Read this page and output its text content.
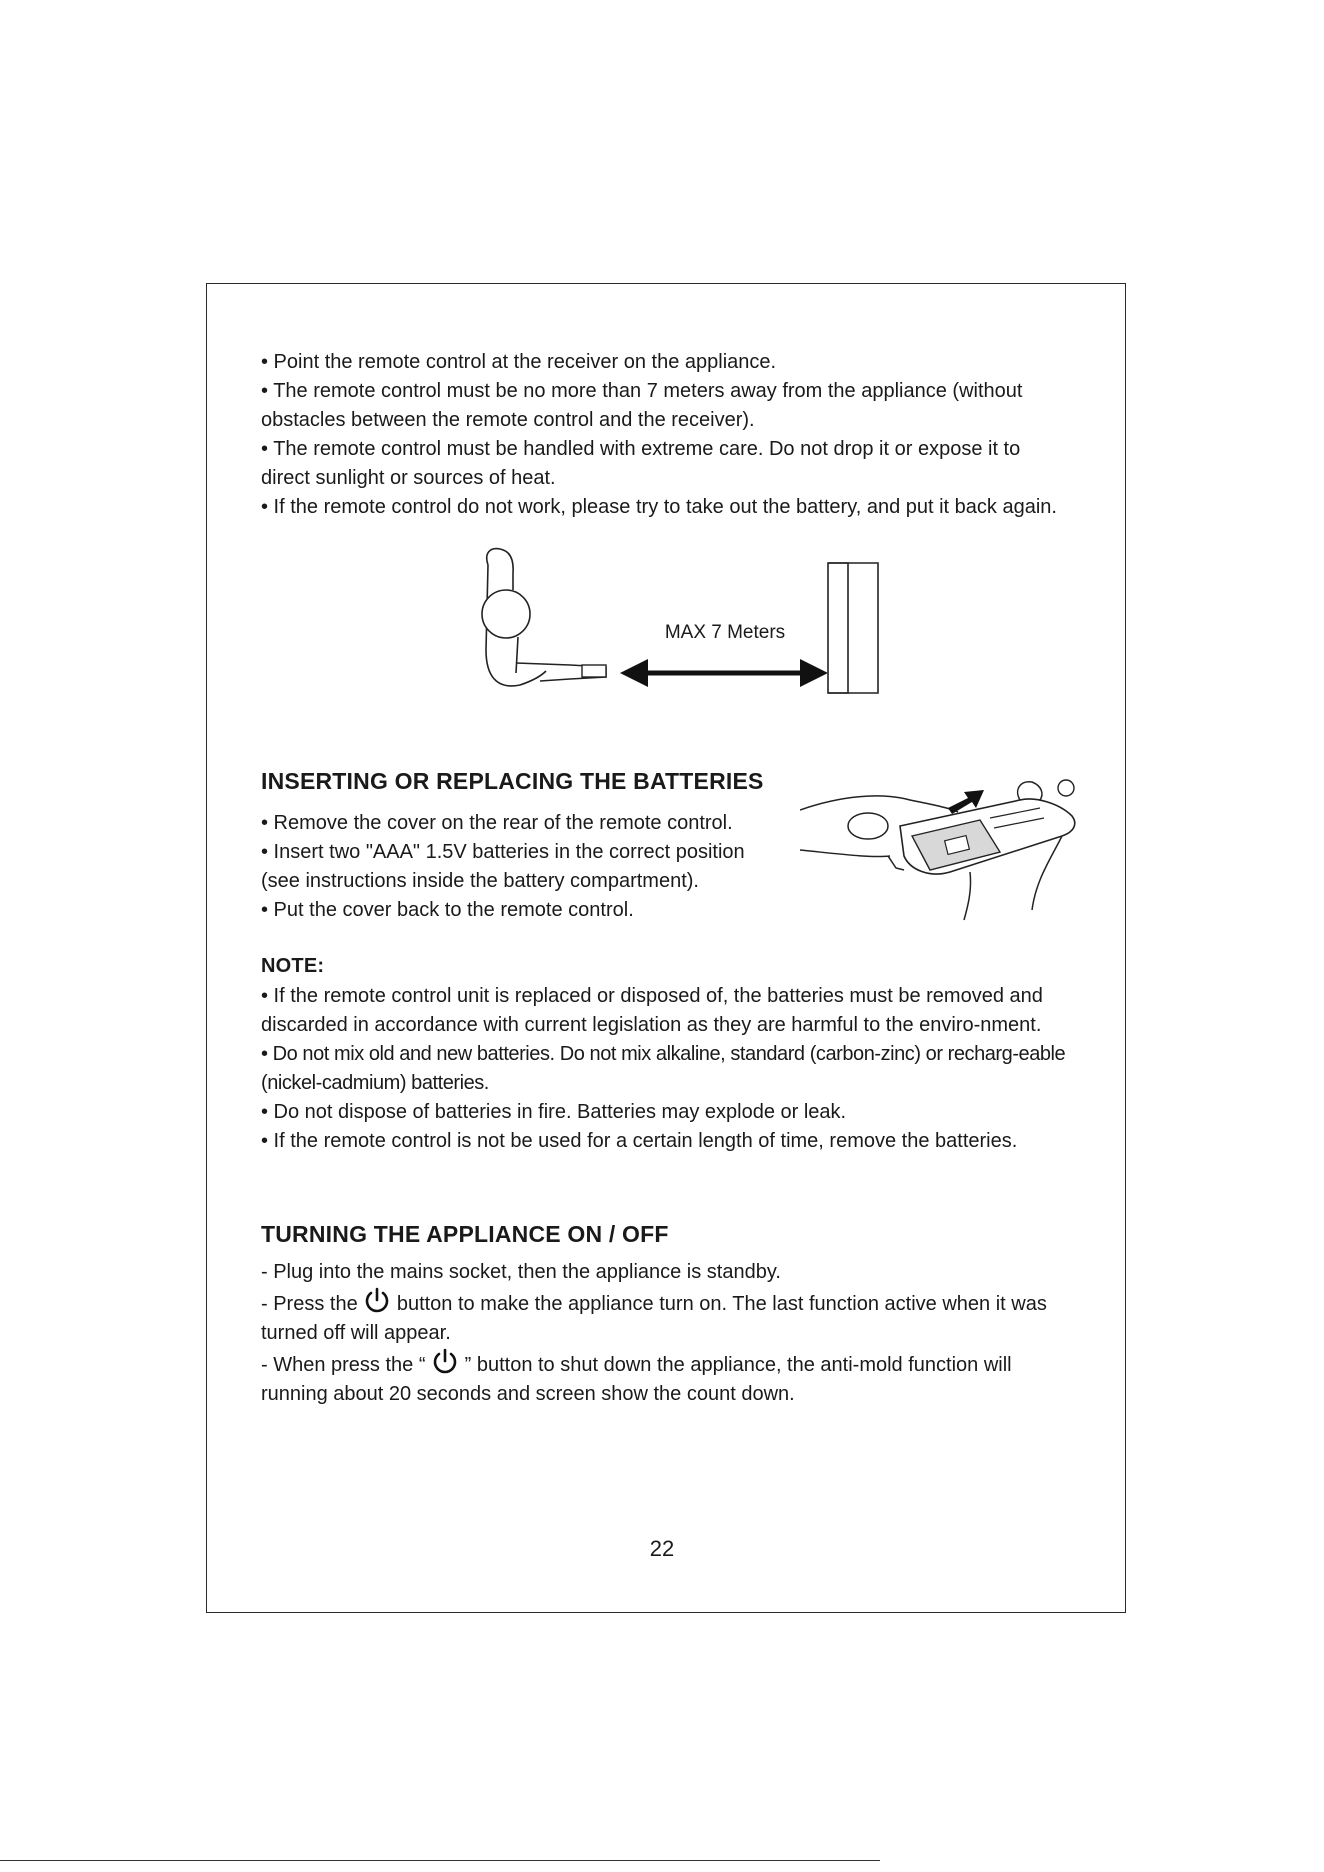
• Point the remote control at the receiver on the appliance.

• The remote control must be no more than 7 meters away from the appliance (without obstacles between the remote control and the receiver).

• The remote control must be handled with extreme care. Do not drop it or expose it to direct sunlight or sources of heat.

• If the remote control do not work, please try to take out the battery, and put it back again.

MAX 7 Meters
INSERTING OR REPLACING THE BATTERIES

• Remove the cover on the rear of the remote control.

• Insert two "AAA" 1.5V batteries in the correct position

(see instructions inside the battery compartment).

• Put the cover back to the remote control.

NOTE:

• If the remote control unit is replaced or disposed of, the batteries must be removed and discarded in accordance with current legislation as they are harmful to the enviro-nment.

• Do not mix old and new batteries. Do not mix alkaline, standard (carbon-zinc) or recharg-eable (nickel-cadmium) batteries.

• Do not dispose of batteries in fire. Batteries may explode or leak.

• If the remote control is not be used for a certain length of time, remove the batteries.

TURNING THE APPLIANCE ON / OFF

- Plug into the mains socket, then the appliance is standby.

- Press the  button to make the appliance turn on. The last function active when it was turned off will appear.

- When press the “  ” button to shut down the appliance, the anti-mold function will running about 20 seconds and screen show the count down.

22
